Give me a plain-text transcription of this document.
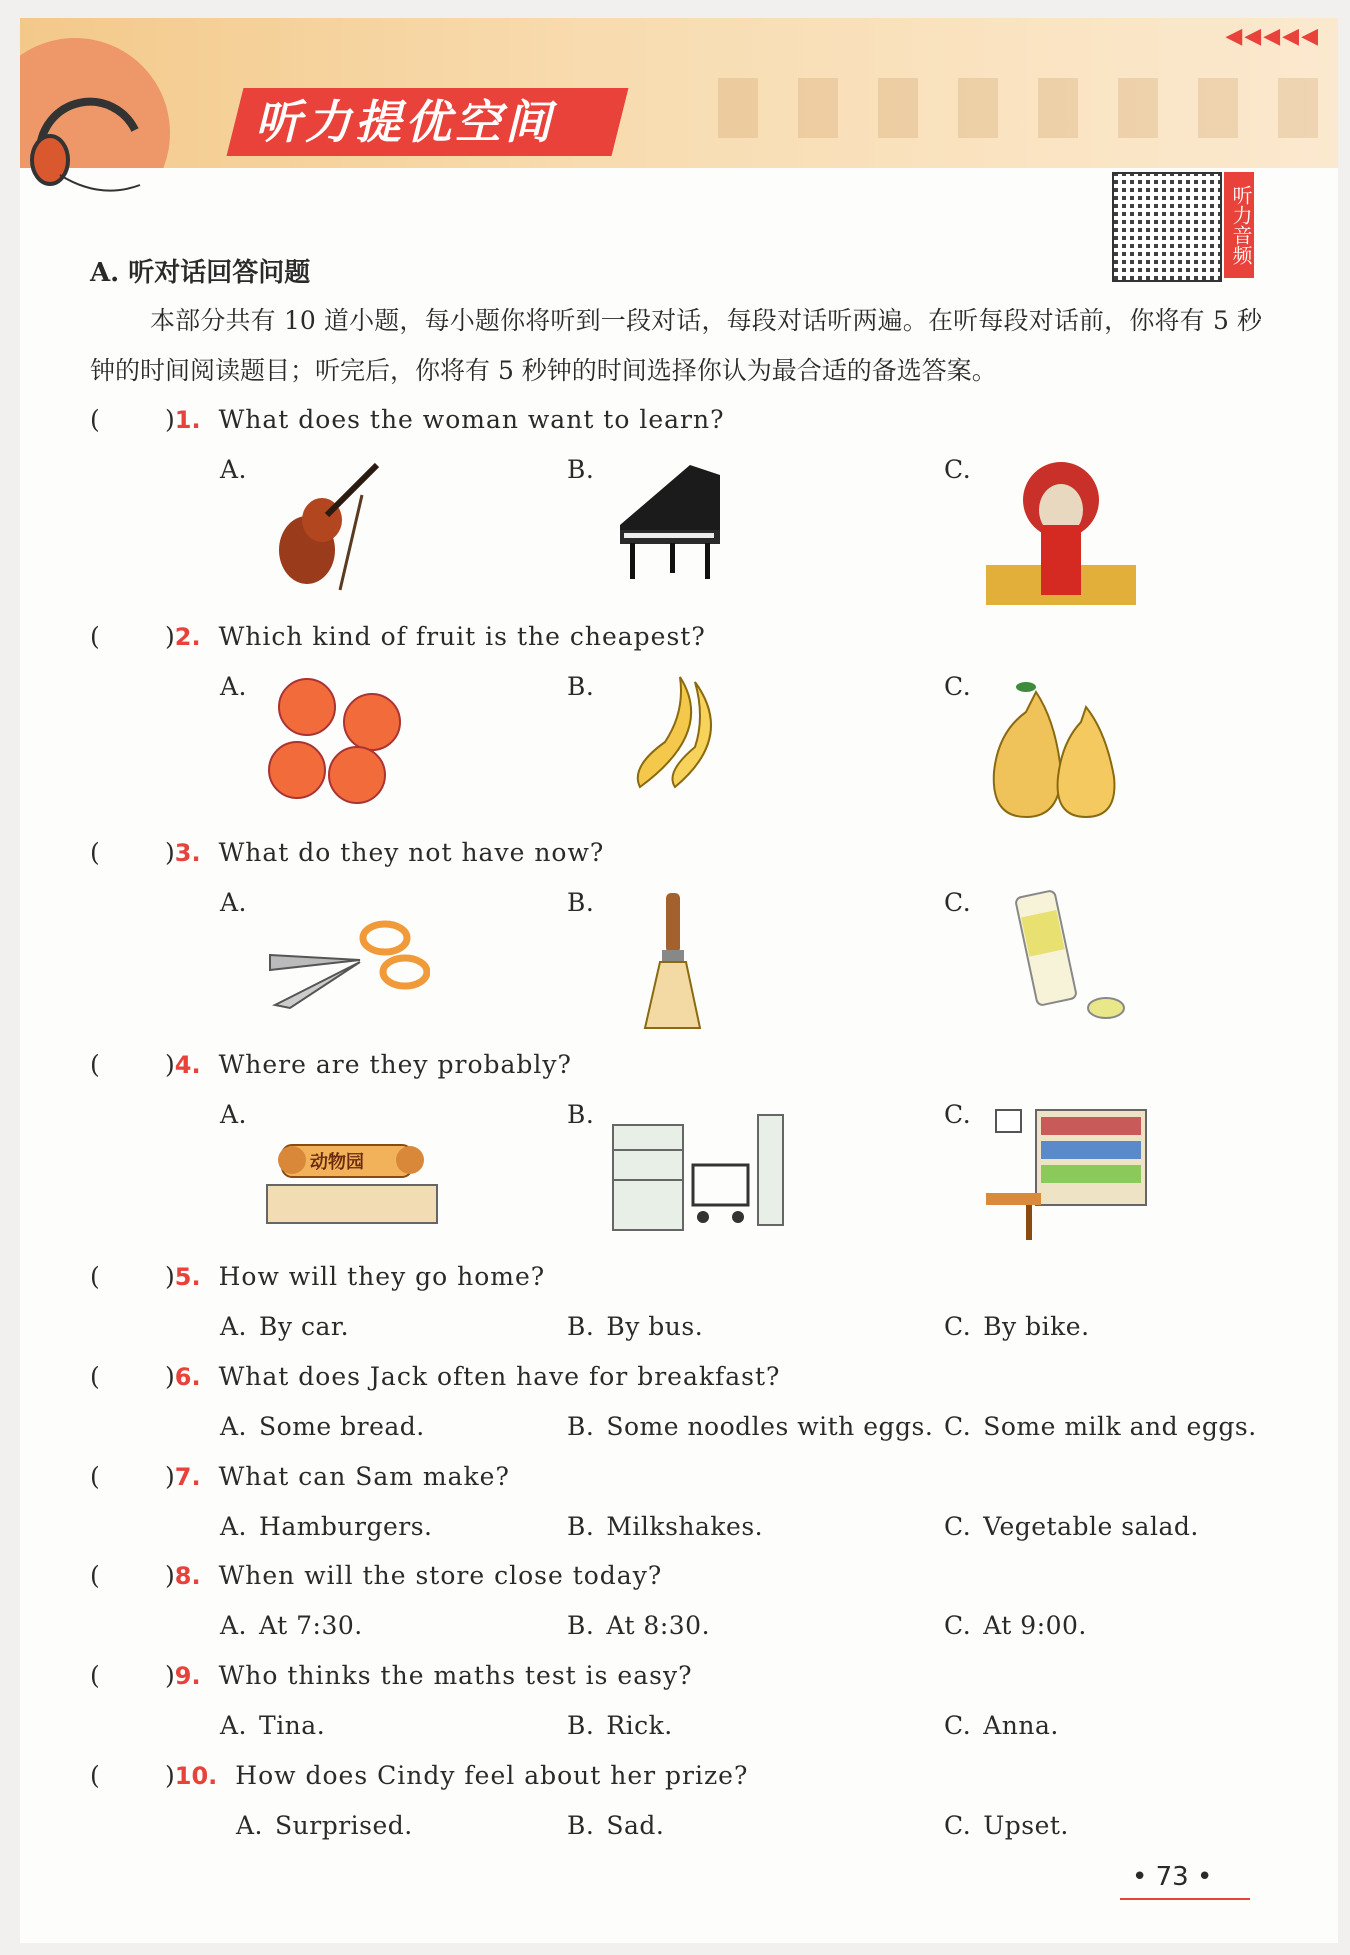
听力提优空间
◀◀◀◀◀
听力音频
A. 听对话回答问题
本部分共有 10 道小题，每小题你将听到一段对话，每段对话听两遍。在听每段对话前，你将有 5 秒钟的时间阅读题目；听完后，你将有 5 秒钟的时间选择你认为最合适的备选答案。
(	)1. What does the woman want to learn?
A.	B.	C.
(	)2. Which kind of fruit is the cheapest?
A.	B.	C.
(	)3. What do they not have now?
A.	B.	C.
(	)4. Where are they probably?
A.	B.	C.
动物园
(	)5. How will they go home?
A. By car.	B. By bus.	C. By bike.
(	)6. What does Jack often have for breakfast?
A. Some bread.	B. Some noodles with eggs. C. Some milk and eggs.
(	)7. What can Sam make?
A. Hamburgers.	B. Milkshakes.	C. Vegetable salad.
(	)8. When will the store close today?
A. At 7:30.	B. At 8:30.	C. At 9:00.
(	)9. Who thinks the maths test is easy?
A. Tina.	B. Rick.	C. Anna.
(	)10. How does Cindy feel about her prize?
A. Surprised.	B. Sad.	C. Upset.
• 73 •
